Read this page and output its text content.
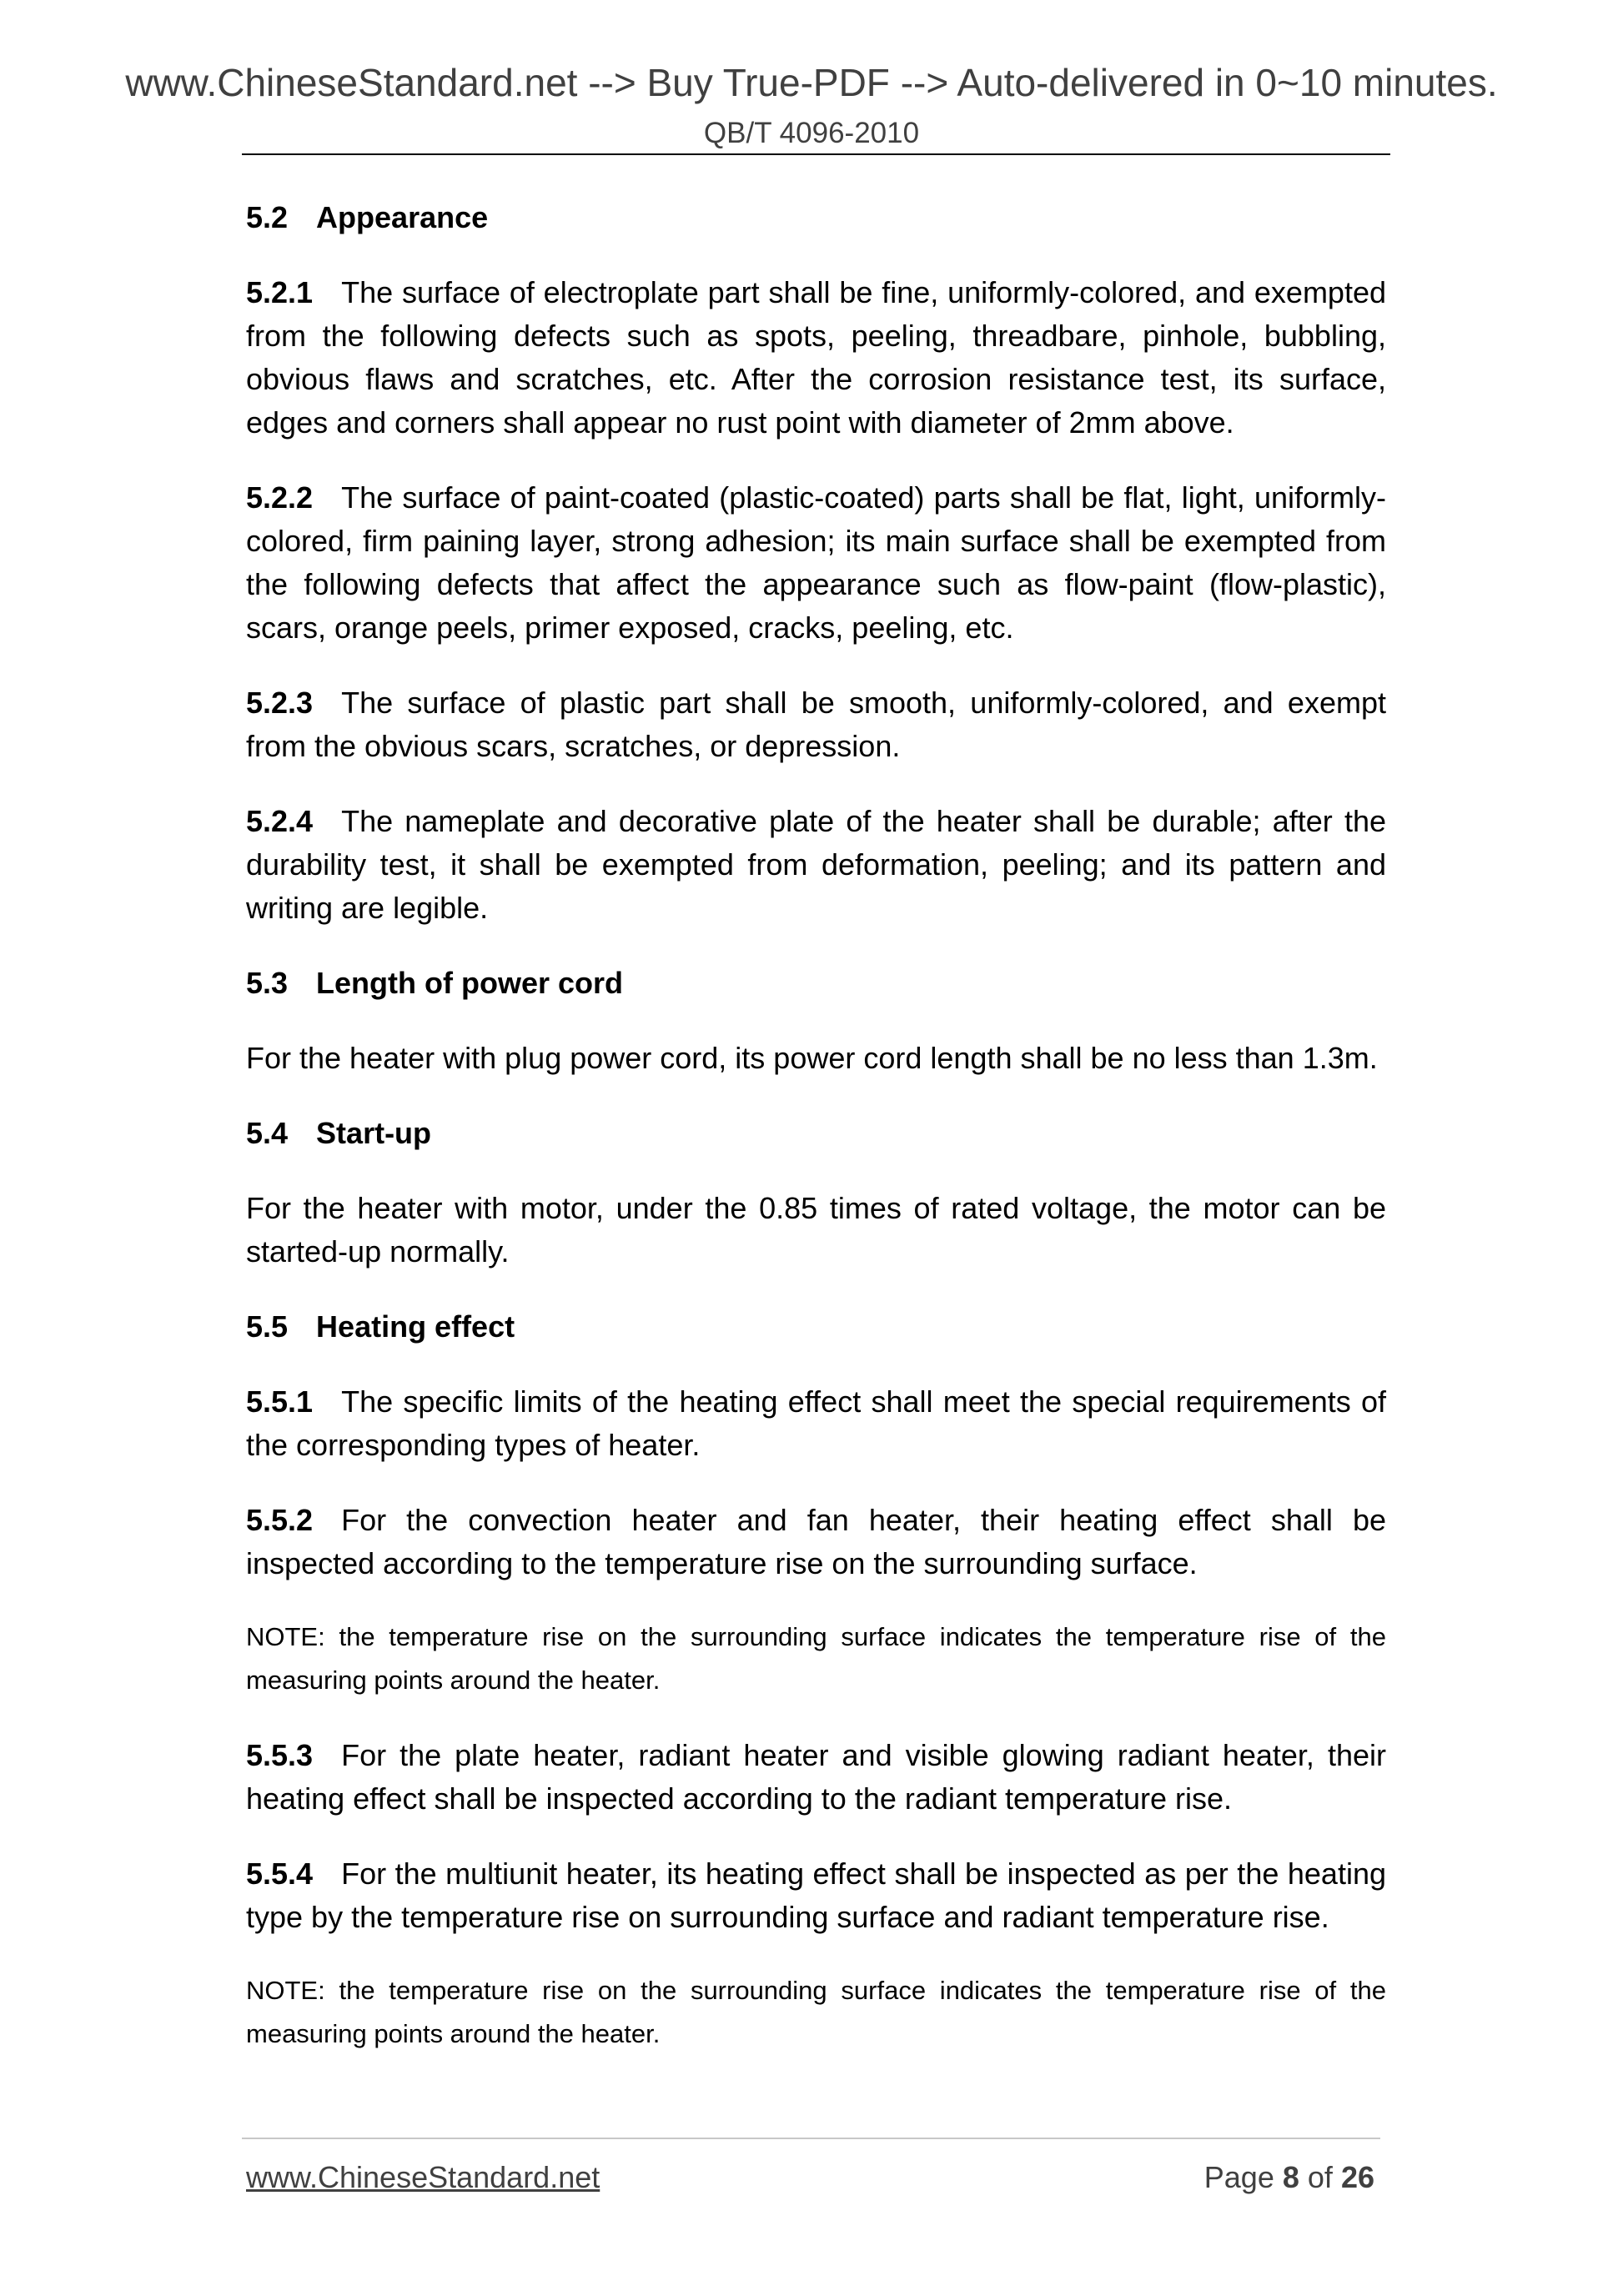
www.ChineseStandard.net --> Buy True-PDF --> Auto-delivered in 0~10 minutes.
QB/T 4096-2010
5.2 Appearance
5.2.1 The surface of electroplate part shall be fine, uniformly-colored, and exempted from the following defects such as spots, peeling, threadbare, pinhole, bubbling, obvious flaws and scratches, etc. After the corrosion resistance test, its surface, edges and corners shall appear no rust point with diameter of 2mm above.
5.2.2 The surface of paint-coated (plastic-coated) parts shall be flat, light, uniformly-colored, firm paining layer, strong adhesion; its main surface shall be exempted from the following defects that affect the appearance such as flow-paint (flow-plastic), scars, orange peels, primer exposed, cracks, peeling, etc.
5.2.3 The surface of plastic part shall be smooth, uniformly-colored, and exempt from the obvious scars, scratches, or depression.
5.2.4 The nameplate and decorative plate of the heater shall be durable; after the durability test, it shall be exempted from deformation, peeling; and its pattern and writing are legible.
5.3 Length of power cord
For the heater with plug power cord, its power cord length shall be no less than 1.3m.
5.4 Start-up
For the heater with motor, under the 0.85 times of rated voltage, the motor can be started-up normally.
5.5 Heating effect
5.5.1 The specific limits of the heating effect shall meet the special requirements of the corresponding types of heater.
5.5.2 For the convection heater and fan heater, their heating effect shall be inspected according to the temperature rise on the surrounding surface.
NOTE: the temperature rise on the surrounding surface indicates the temperature rise of the measuring points around the heater.
5.5.3 For the plate heater, radiant heater and visible glowing radiant heater, their heating effect shall be inspected according to the radiant temperature rise.
5.5.4 For the multiunit heater, its heating effect shall be inspected as per the heating type by the temperature rise on surrounding surface and radiant temperature rise.
NOTE: the temperature rise on the surrounding surface indicates the temperature rise of the measuring points around the heater.
www.ChineseStandard.net	Page 8 of 26
